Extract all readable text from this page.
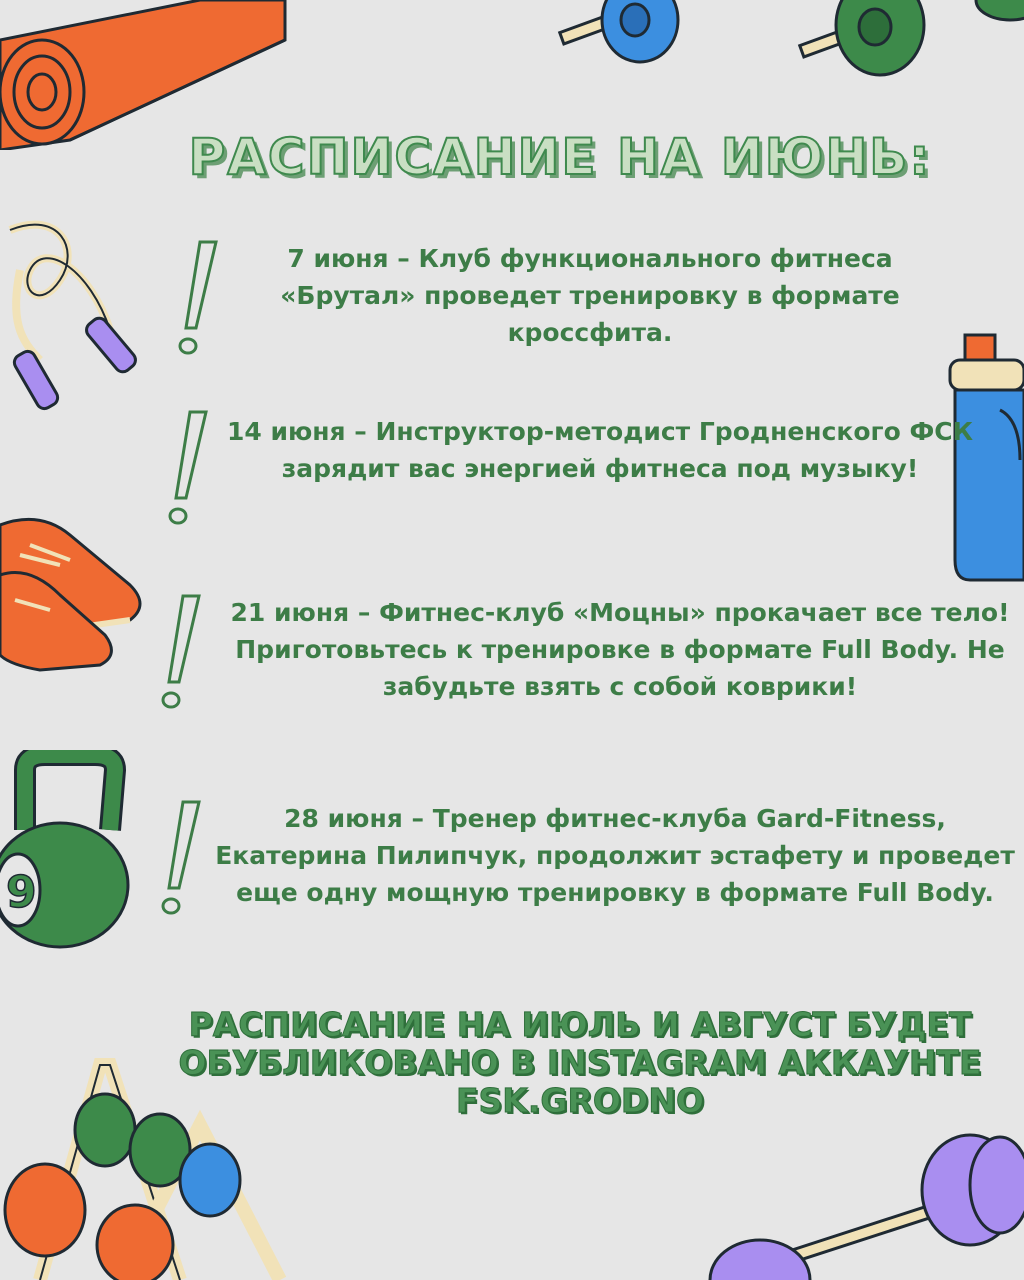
9
РАСПИСАНИЕ НА ИЮНЬ:
7 июня – Клуб функционального фитнеса «Брутал» проведет тренировку в формате кроссфита.
14 июня – Инструктор-методист Гродненского ФСК зарядит вас энергией фитнеса под музыку!
21 июня – Фитнес-клуб «Моцны» прокачает все тело! Приготовьтесь к тренировке в формате Full Body. Не забудьте взять с собой коврики!
28 июня – Тренер фитнес-клуба Gard-Fitness, Екатерина Пилипчук, продолжит эстафету и проведет еще одну мощную тренировку в формате Full Body.
РАСПИСАНИЕ НА ИЮЛЬ И АВГУСТ БУДЕТ ОБУБЛИКОВАНО В INSTAGRAM АККАУНТЕ FSK.GRODNO
